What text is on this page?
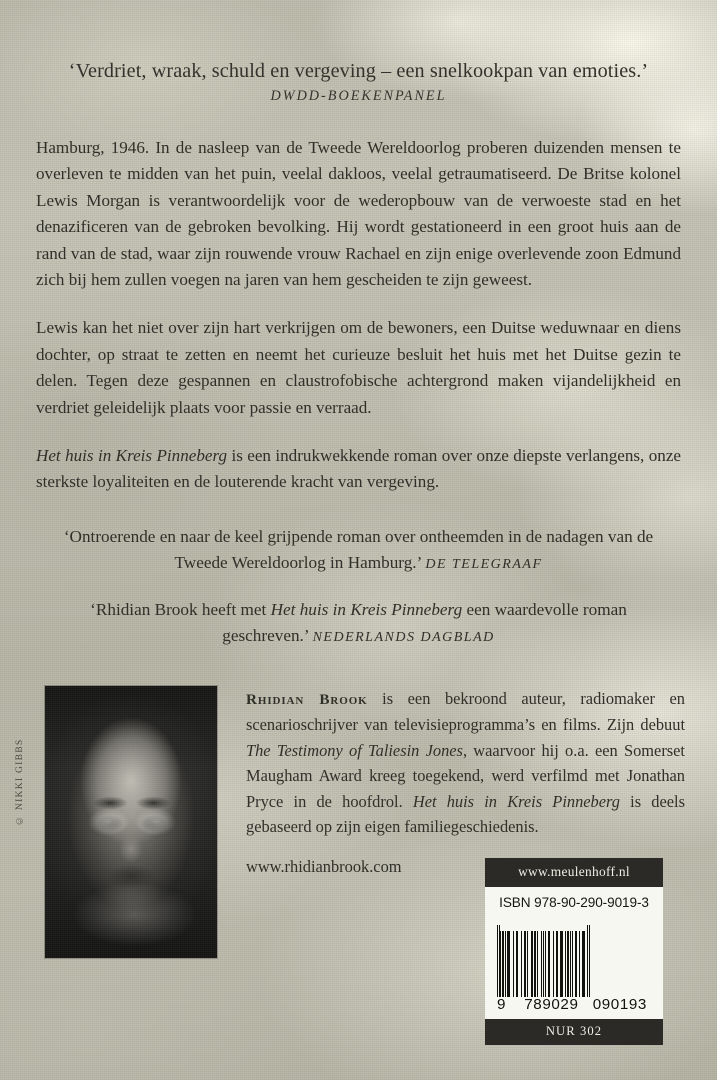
‘Verdriet, wraak, schuld en vergeving – een snelkookpan van emoties.’
DWDD-BOEKENPANEL

Hamburg, 1946. In de nasleep van de Tweede Wereldoorlog proberen duizenden mensen te overleven te midden van het puin, veelal dakloos, veelal getraumatiseerd. De Britse kolonel Lewis Morgan is verantwoordelijk voor de wederopbouw van de verwoeste stad en het denazificeren van de gebroken bevolking. Hij wordt gestationeerd in een groot huis aan de rand van de stad, waar zijn rouwende vrouw Rachael en zijn enige overlevende zoon Edmund zich bij hem zullen voegen na jaren van hem gescheiden te zijn geweest.

Lewis kan het niet over zijn hart verkrijgen om de bewoners, een Duitse weduwnaar en diens dochter, op straat te zetten en neemt het curieuze besluit het huis met het Duitse gezin te delen. Tegen deze gespannen en claustrofobische achtergrond maken vijandelijkheid en verdriet geleidelijk plaats voor passie en verraad.

Het huis in Kreis Pinneberg is een indrukwekkende roman over onze diepste verlangens, onze sterkste loyaliteiten en de louterende kracht van vergeving.

‘Ontroerende en naar de keel grijpende roman over ontheemden in de nadagen van de Tweede Wereldoorlog in Hamburg.’ DE TELEGRAAF
‘Rhidian Brook heeft met Het huis in Kreis Pinneberg een waardevolle roman geschreven.’ NEDERLANDS DAGBLAD
© NIKKI GIBBS
Rhidian Brook is een bekroond auteur, radiomaker en scenarioschrijver van televisieprogramma’s en films. Zijn debuut The Testimony of Taliesin Jones, waarvoor hij o.a. een Somerset Maugham Award kreeg toegekend, werd verfilmd met Jonathan Pryce in de hoofdrol. Het huis in Kreis Pinneberg is deels gebaseerd op zijn eigen familiegeschiedenis.
www.rhidianbrook.com	www.meulenhoff.nl
ISBN 978-90-290-9019-3
9 789029 090193
NUR 302
